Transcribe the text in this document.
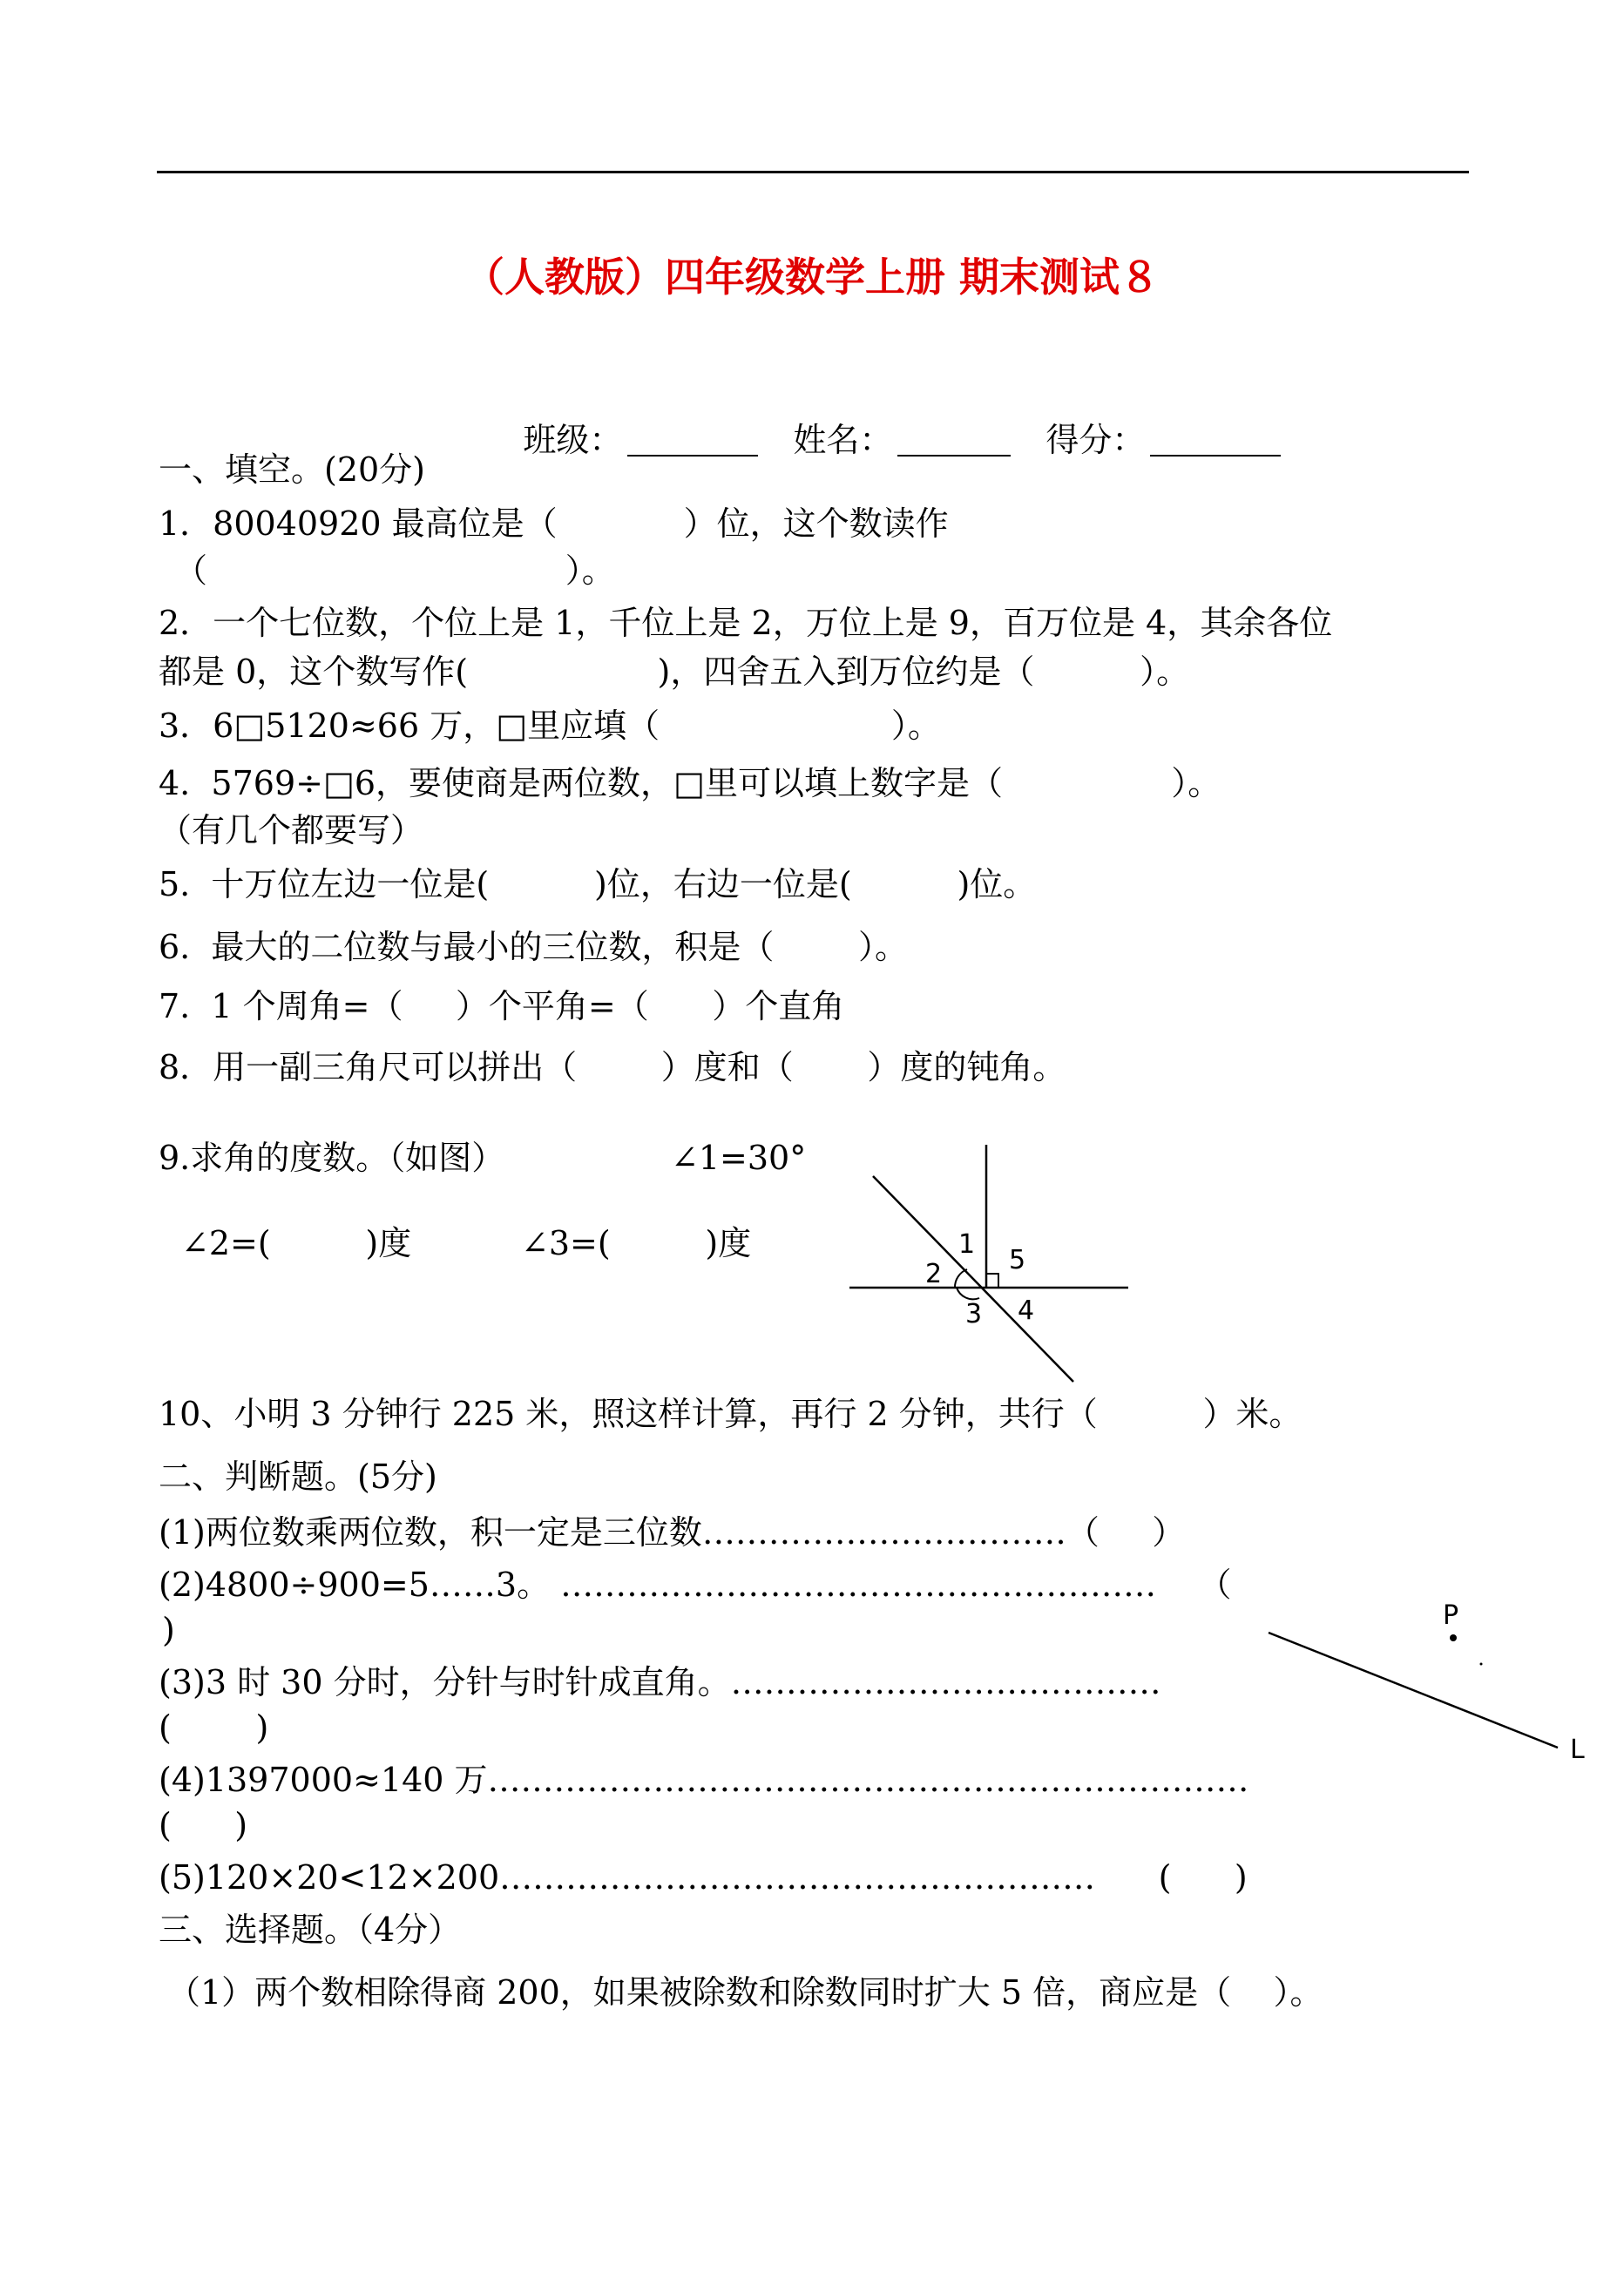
（人教版）四年级数学上册 期末测试８

班级：	姓名：	得分：

一、填空。(20分)
1．80040920 最高位是（            ）位，这个数读作
（                                  ）。
2．一个七位数，个位上是 1，千位上是 2，万位上是 9，百万位是 4，其余各位
都是 0，这个数写作(                  )，四舍五入到万位约是（          ）。
3．6□5120≈66 万，□里应填（                      ）。
4.  5769÷□6，要使商是两位数，□里可以填上数字是（                ）。
（有几个都要写）
5.  十万位左边一位是(          )位，右边一位是(          )位。
6.  最大的二位数与最小的三位数，积是（        ）。
7.  1 个周角=（     ）个平角=（      ）个直角
8．用一副三角尺可以拼出（        ）度和（       ）度的钝角。
9.求角的度数。（如图）	∠1=30°
∠2=(         )度	∠3=(         )度	1
2
3 4
5
10、小明 3 分钟行 225 米，照这样计算，再行 2 分钟，共行（          ）米。
二、判断题。(5分)
(1)两位数乘两位数，积一定是三位数……………………………（     ）
(2)4800÷900=5……3。 ………………………………………………    （
)
(3)3 时 30 分时，分针与时针成直角。…………………………………
(        )
(4)1397000≈140 万……………………………………………………………
(      )
(5)120×20<12×200………………………………………………      (      )
P
L
三、选择题。（4分）
（1）两个数相除得商 200，如果被除数和除数同时扩大 5 倍，商应是（    ）。
